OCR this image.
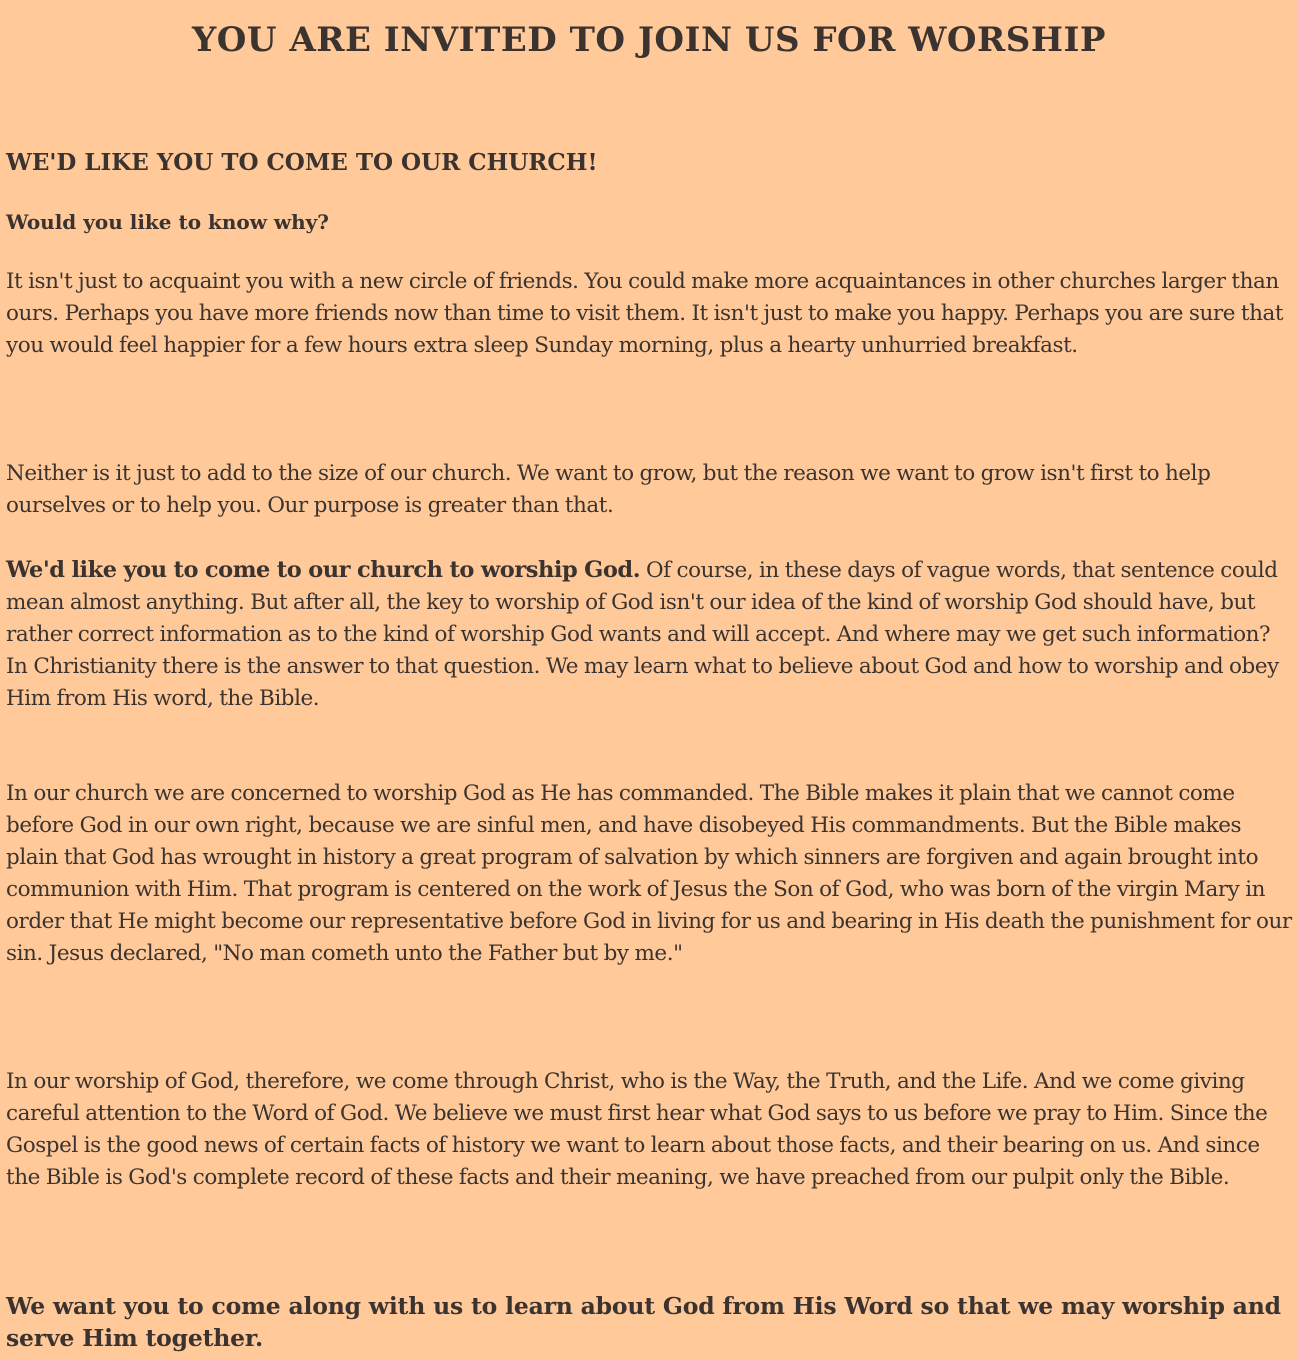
YOU ARE INVITED TO JOIN US FOR WORSHIP
WE'D LIKE YOU TO COME TO OUR CHURCH!
Would you like to know why?

It isn't just to acquaint you with a new circle of friends. You could make more acquaintances in other churches larger than ours. Perhaps you have more friends now than time to visit them. It isn't just to make you happy. Perhaps you are sure that you would feel happier for a few hours extra sleep Sunday morning, plus a hearty unhurried breakfast.

Neither is it just to add to the size of our church. We want to grow, but the reason we want to grow isn't first to help ourselves or to help you. Our purpose is greater than that.

We'd like you to come to our church to worship God. Of course, in these days of vague words, that sentence could mean almost anything. But after all, the key to worship of God isn't our idea of the kind of worship God should have, but rather correct information as to the kind of worship God wants and will accept. And where may we get such information? In Christianity there is the answer to that question. We may learn what to believe about God and how to worship and obey Him from His word, the Bible.

In our church we are concerned to worship God as He has commanded. The Bible makes it plain that we cannot come before God in our own right, because we are sinful men, and have disobeyed His commandments. But the Bible makes plain that God has wrought in history a great program of salvation by which sinners are forgiven and again brought into communion with Him. That program is centered on the work of Jesus the Son of God, who was born of the virgin Mary in order that He might become our representative before God in living for us and bearing in His death the punishment for our sin. Jesus declared, "No man cometh unto the Father but by me."

In our worship of God, therefore, we come through Christ, who is the Way, the Truth, and the Life. And we come giving careful attention to the Word of God. We believe we must first hear what God says to us before we pray to Him. Since the Gospel is the good news of certain facts of history we want to learn about those facts, and their bearing on us. And since the Bible is God's complete record of these facts and their meaning, we have preached from our pulpit only the Bible.

We want you to come along with us to learn about God from His Word so that we may worship and serve Him together.
